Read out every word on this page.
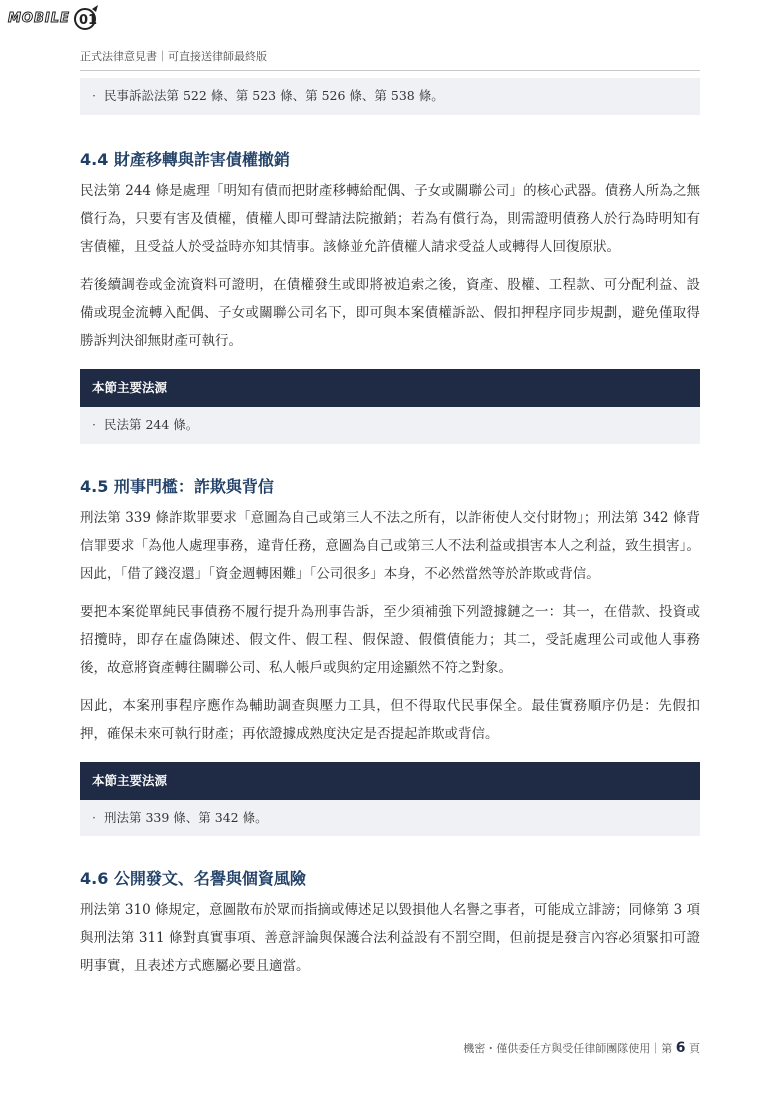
MOBILE 01
正式法律意見書｜可直接送律師最終版
· 民事訴訟法第 522 條、第 523 條、第 526 條、第 538 條。
4.4 財產移轉與詐害債權撤銷

民法第 244 條是處理「明知有債而把財產移轉給配偶、子女或關聯公司」的核心武器。債務人所為之無償行為，只要有害及債權，債權人即可聲請法院撤銷；若為有償行為，則需證明債務人於行為時明知有害債權，且受益人於受益時亦知其情事。該條並允許債權人請求受益人或轉得人回復原狀。

若後續調卷或金流資料可證明，在債權發生或即將被追索之後，資產、股權、工程款、可分配利益、設備或現金流轉入配偶、子女或關聯公司名下，即可與本案債權訴訟、假扣押程序同步規劃，避免僅取得勝訴判決卻無財產可執行。

本節主要法源
· 民法第 244 條。
4.5 刑事門檻：詐欺與背信

刑法第 339 條詐欺罪要求「意圖為自己或第三人不法之所有，以詐術使人交付財物」；刑法第 342 條背信罪要求「為他人處理事務，違背任務，意圖為自己或第三人不法利益或損害本人之利益，致生損害」。因此，「借了錢沒還」「資金週轉困難」「公司很多」本身，不必然當然等於詐欺或背信。

要把本案從單純民事債務不履行提升為刑事告訴，至少須補強下列證據鏈之一：其一，在借款、投資或招攬時，即存在虛偽陳述、假文件、假工程、假保證、假償債能力；其二，受託處理公司或他人事務後，故意將資產轉往關聯公司、私人帳戶或與約定用途顯然不符之對象。

因此，本案刑事程序應作為輔助調查與壓力工具，但不得取代民事保全。最佳實務順序仍是：先假扣押，確保未來可執行財產；再依證據成熟度決定是否提起詐欺或背信。

本節主要法源
· 刑法第 339 條、第 342 條。
4.6 公開發文、名譽與個資風險

刑法第 310 條規定，意圖散布於眾而指摘或傳述足以毀損他人名譽之事者，可能成立誹謗；同條第 3 項與刑法第 311 條對真實事項、善意評論與保護合法利益設有不罰空間，但前提是發言內容必須緊扣可證明事實，且表述方式應屬必要且適當。

機密・僅供委任方與受任律師團隊使用｜第 6 頁
